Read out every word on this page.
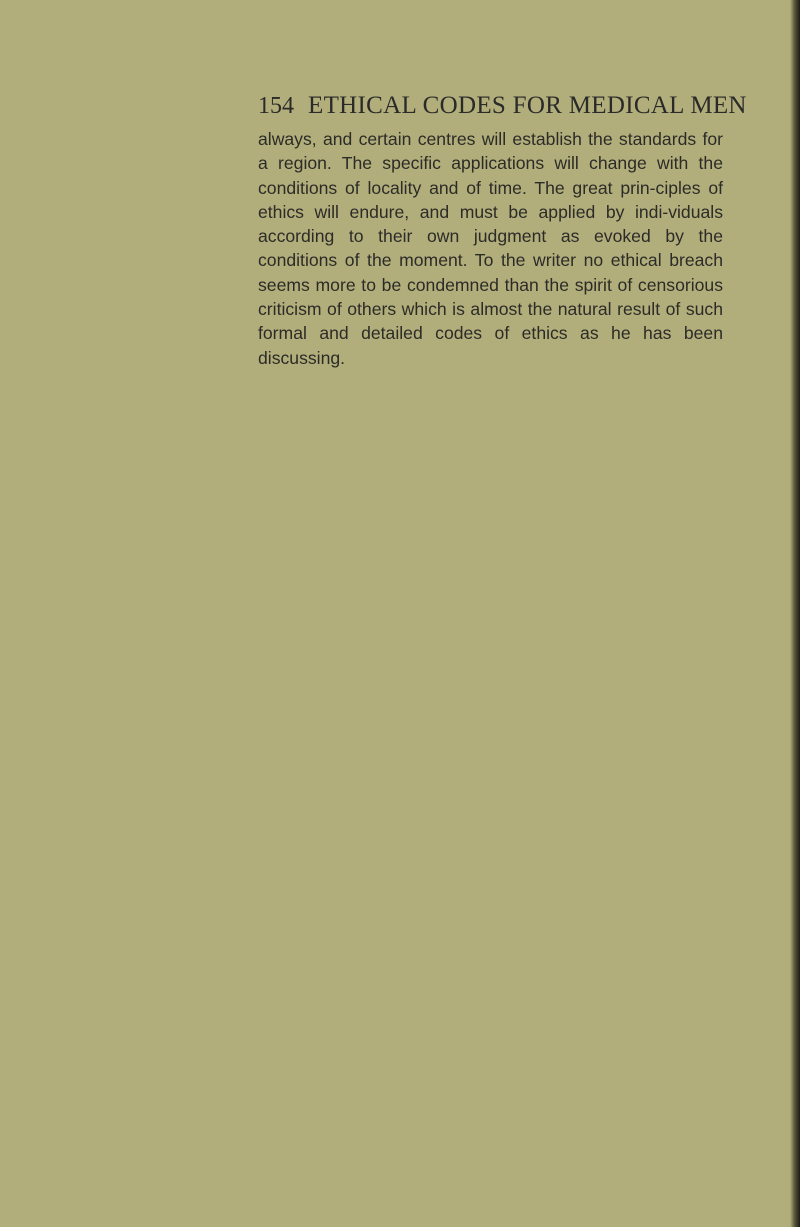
154 ETHICAL CODES FOR MEDICAL MEN

always, and certain centres will establish the standards for a region. The specific applications will change with the conditions of locality and of time. The great prin-ciples of ethics will endure, and must be applied by indi-viduals according to their own judgment as evoked by the conditions of the moment. To the writer no ethical breach seems more to be condemned than the spirit of censorious criticism of others which is almost the natural result of such formal and detailed codes of ethics as he has been discussing.
